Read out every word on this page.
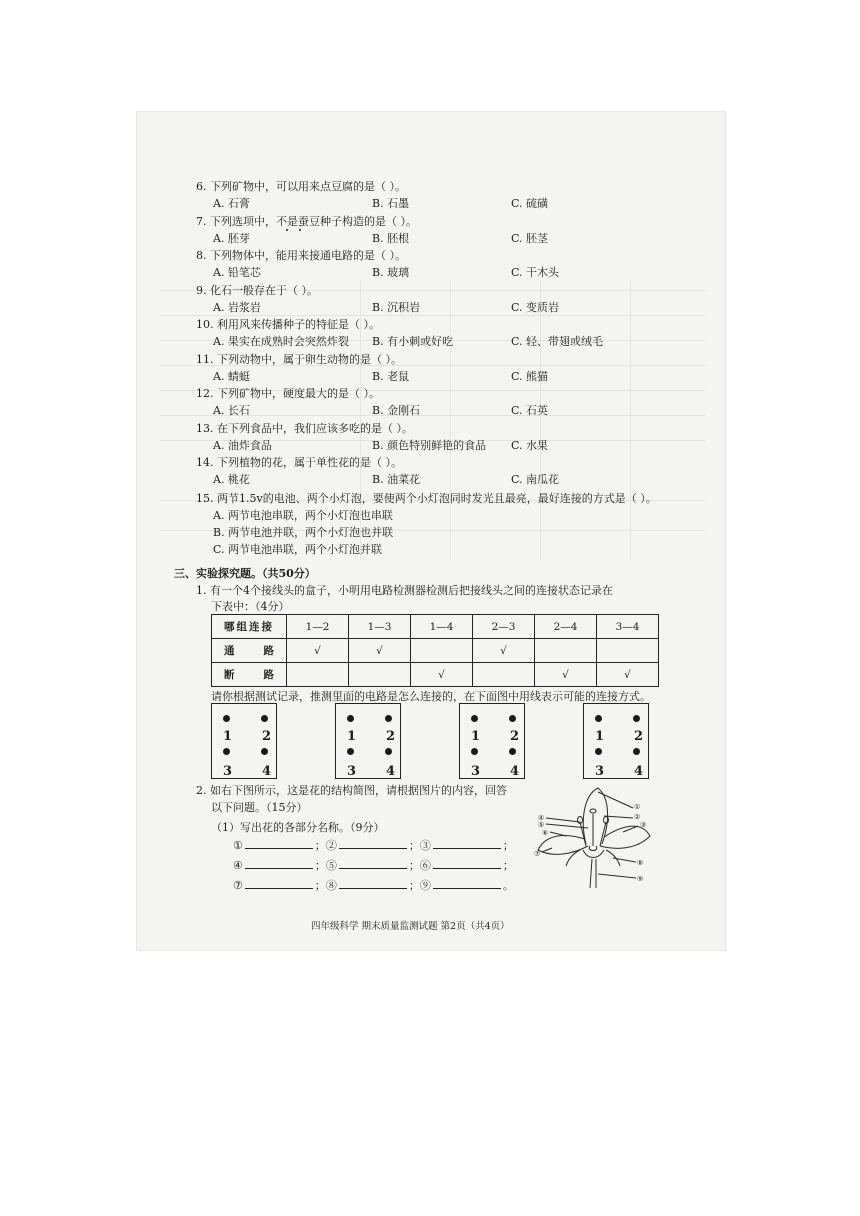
6. 下列矿物中，可以用来点豆腐的是（ ）。
A. 石膏	B. 石墨	C. 硫磺
7. 下列选项中，不是蚕豆种子构造的是（ ）。
A. 胚芽	B. 胚根	C. 胚茎
8. 下列物体中，能用来接通电路的是（ ）。
A. 铅笔芯	B. 玻璃	C. 干木头
9. 化石一般存在于（ ）。
A. 岩浆岩	B. 沉积岩	C. 变质岩
10. 利用风来传播种子的特征是（ ）。
A. 果实在成熟时会突然炸裂 B. 有小刺或好吃	C. 轻、带翅或绒毛
11. 下列动物中，属于卵生动物的是（ ）。
A. 蜻蜓	B. 老鼠	C. 熊猫
12. 下列矿物中，硬度最大的是（ ）。
A. 长石	B. 金刚石	C. 石英
13. 在下列食品中，我们应该多吃的是（ ）。
A. 油炸食品	B. 颜色特别鲜艳的食品 C. 水果
14. 下列植物的花，属于单性花的是（ ）。
A. 桃花	B. 油菜花	C. 南瓜花
15. 两节1.5v的电池、两个小灯泡，要使两个小灯泡同时发光且最亮，最好连接的方式是（ ）。
A. 两节电池串联，两个小灯泡也串联
B. 两节电池并联，两个小灯泡也并联
C. 两节电池串联，两个小灯泡并联
三、实验探究题。（共50分）
1. 有一个4个接线头的盒子，小明用电路检测器检测后把接线头之间的连接状态记录在
下表中：（4分）
哪组连接	1—2	1—3	1—4	2—3	2—4	3—4

通 路	√	√		√		

断 路			√		√	√
请你根据测试记录，推测里面的电路是怎么连接的，在下面图中用线表示可能的连接方式。
1 2
3 4
1 2
3 4
1 2
3 4
1 2
3 4
2. 如右下图所示，这是花的结构简图，请根据图片的内容，回答
以下问题。（15分）
（1）写出花的各部分名称。（9分）
①	；②	；③	；
④	；⑤	；⑥	；
⑦	；⑧	；⑨	。
①
②
③
④
⑤
⑥
⑦
⑧
⑨
四年级科学 期末质量监测试题 第2页（共4页）
